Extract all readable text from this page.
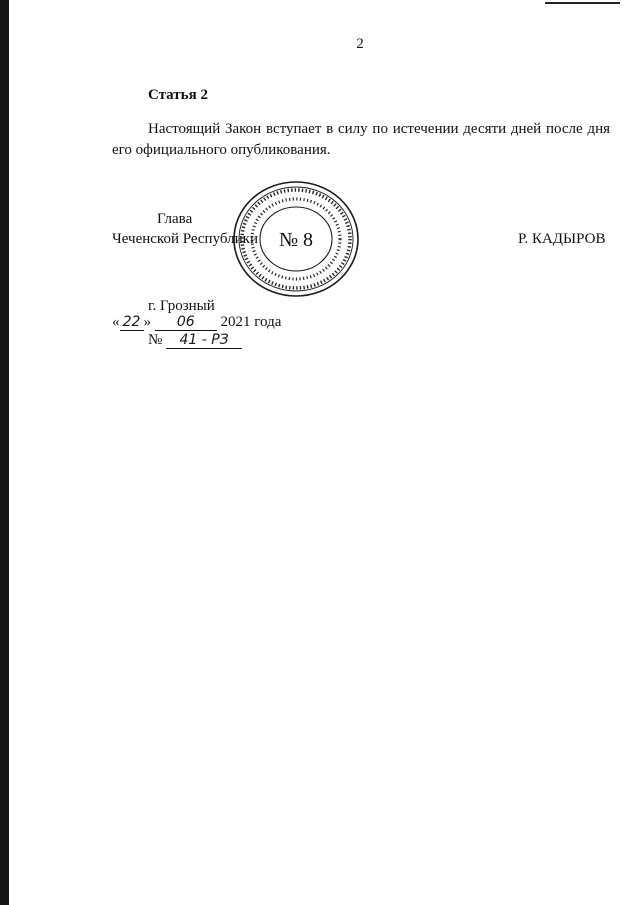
2
Статья 2

Настоящий Закон вступает в силу по истечении десяти дней после дня его официального опубликования.

Глава
Чеченской Республики	Р. КАДЫРОВ
№ 8
г. Грозный
« 22 » 06 2021 года
№ 41 - РЗ
